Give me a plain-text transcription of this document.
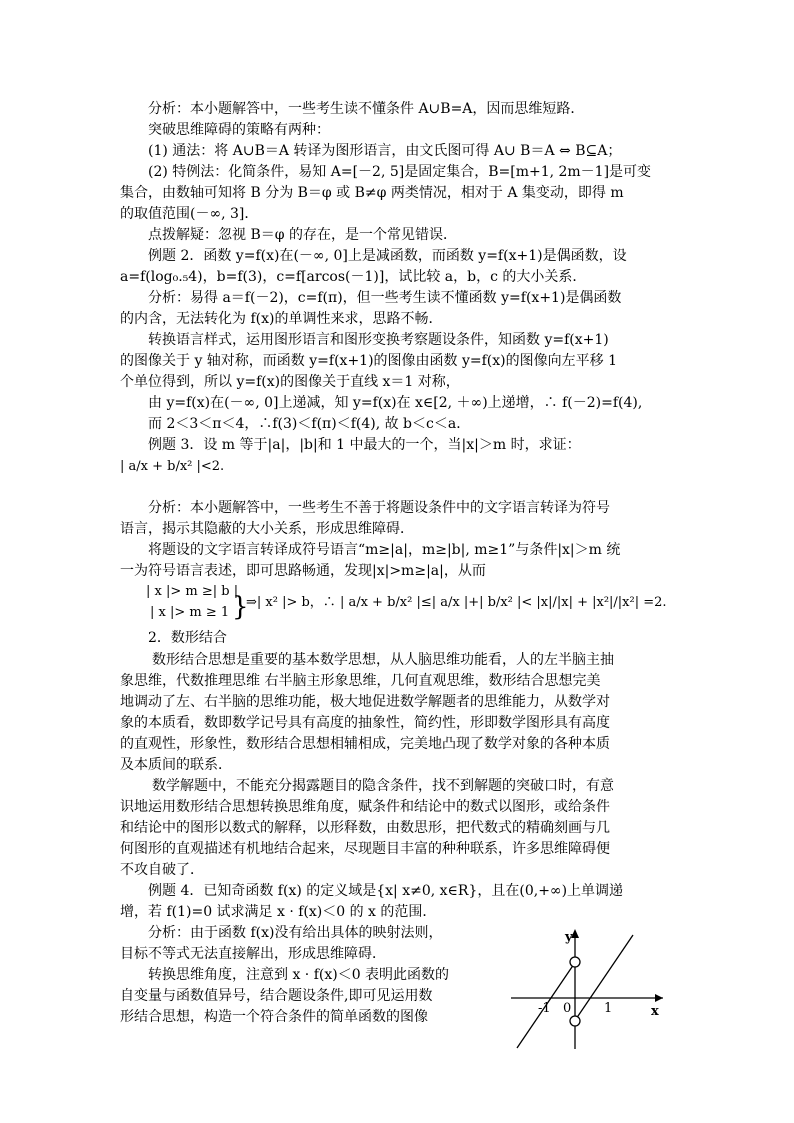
分析：本小题解答中，一些考生读不懂条件 A∪B=A，因而思维短路．
突破思维障碍的策略有两种：
(1) 通法：将 A∪B＝A 转译为图形语言，由文氏图可得 A∪ B＝A ⇔ B⊆A；
(2) 特例法：化简条件，易知 A=[－2, 5]是固定集合，B=[m+1, 2m－1]是可变
集合，由数轴可知将 B 分为 B＝φ 或 B≠φ 两类情况，相对于 A 集变动，即得 m
的取值范围(－∞, 3]．
点拨解疑：忽视 B＝φ 的存在，是一个常见错误．
例题 2．函数 y=f(x)在(－∞, 0]上是减函数，而函数 y=f(x+1)是偶函数，设
a=f(log₀.₅4)，b=f(3)，c=f[arcos(－1)]，试比较 a，b，c 的大小关系．
分析：易得 a＝f(－2)，c=f(π)，但一些考生读不懂函数 y=f(x+1)是偶函数
的内含，无法转化为 f(x)的单调性来求，思路不畅．
转换语言样式，运用图形语言和图形变换考察题设条件，知函数 y=f(x+1)
的图像关于 y 轴对称，而函数 y=f(x+1)的图像由函数 y=f(x)的图像向左平移 1
个单位得到，所以 y=f(x)的图像关于直线 x＝1 对称，
由 y=f(x)在(－∞, 0]上递减，知 y=f(x)在 x∈[2, ＋∞)上递增，∴ f(－2)=f(4),
而 2＜3＜π＜4，∴f(3)＜f(π)＜f(4), 故 b＜c＜a．
例题 3．设 m 等于|a|，|b|和 1 中最大的一个，当|x|＞m 时，求证：
| a/x + b/x² |<2.
分析：本小题解答中，一些考生不善于将题设条件中的文字语言转译为符号
语言，揭示其隐蔽的大小关系，形成思维障碍．
将题设的文字语言转译成符号语言“m≥|a|，m≥|b|, m≥1”与条件|x|＞m 统
一为符号语言表述，即可思路畅通，发现|x|>m≥|a|，从而
| x |> m ≥| b |
| x |> m ≥ 1 }
⇒| x² |> b，∴ | a/x + b/x² |≤| a/x |+| b/x² |< |x|/|x| + |x²|/|x²| =2.
2．数形结合
数形结合思想是重要的基本数学思想，从人脑思维功能看，人的左半脑主抽
象思维，代数推理思维 右半脑主形象思维，几何直观思维，数形结合思想完美
地调动了左、右半脑的思维功能，极大地促进数学解题者的思维能力，从数学对
象的本质看，数即数学记号具有高度的抽象性，简约性，形即数学图形具有高度
的直观性，形象性，数形结合思想相辅相成，完美地凸现了数学对象的各种本质
及本质间的联系．
数学解题中，不能充分揭露题目的隐含条件，找不到解题的突破口时，有意
识地运用数形结合思想转换思维角度，赋条件和结论中的数式以图形，或给条件
和结论中的图形以数式的解释，以形释数，由数思形，把代数式的精确刻画与几
何图形的直观描述有机地结合起来，尽现题目丰富的种种联系，许多思维障碍便
不攻自破了．
例题 4．已知奇函数 f(x) 的定义域是{x| x≠0, x∈R}，且在(0,+∞)上单调递
增，若 f(1)=0 试求满足 x · f(x)＜0 的 x 的范围．
分析：由于函数 f(x)没有给出具体的映射法则，
目标不等式无法直接解出，形成思维障碍．
转换思维角度，注意到 x · f(x)＜0 表明此函数的
自变量与函数值异号，结合题设条件,即可见运用数
形结合思想，构造一个符合条件的简单函数的图像
y
x
-1 0	1
